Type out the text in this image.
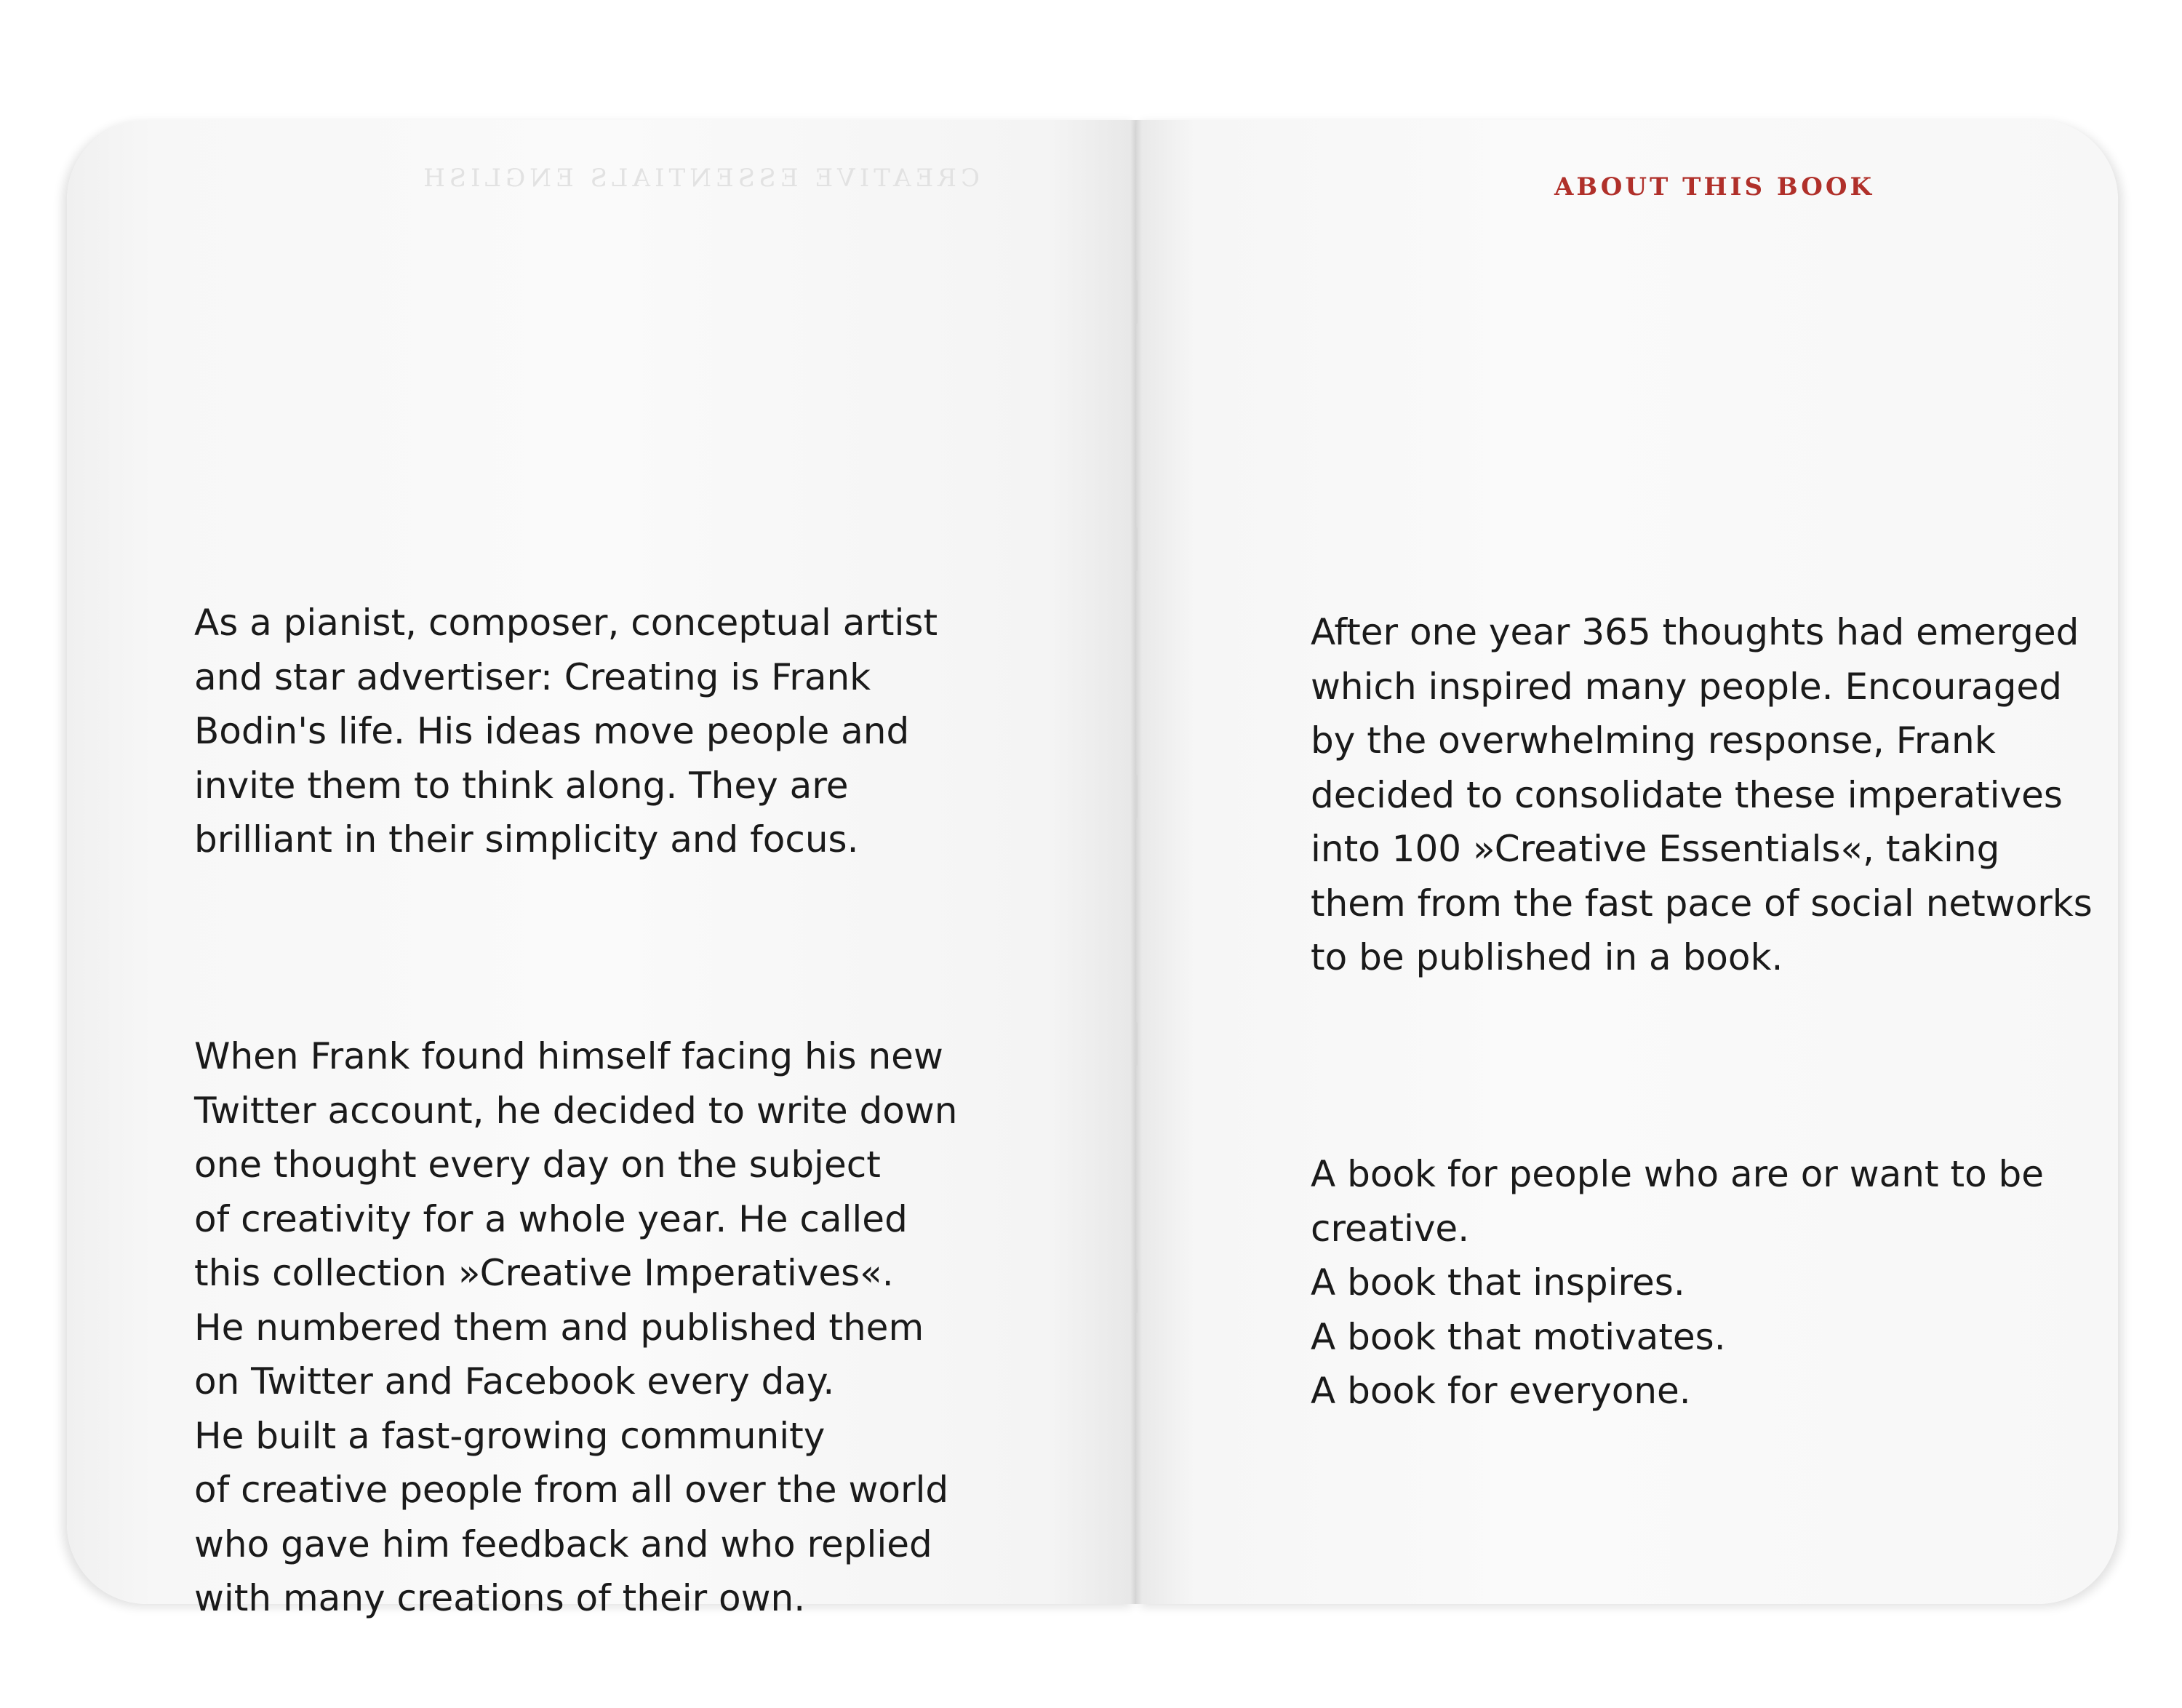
CREATIVE ESSENTIALS ENGLISH

As a pianist, composer, conceptual artist
and star advertiser: Creating is Frank
Bodin's life. His ideas move people and
invite them to think along. They are
brilliant in their simplicity and focus.

When Frank found himself facing his new
Twitter account, he decided to write down
one thought every day on the subject
of creativity for a whole year. He called
this collection »Creative Imperatives«.
He numbered them and published them
on Twitter and Facebook every day.
He built a fast-growing community
of creative people from all over the world
who gave him feedback and who replied
with many creations of their own.

ABOUT THIS BOOK

After one year 365 thoughts had emerged
which inspired many people. Encouraged
by the overwhelming response, Frank
decided to consolidate these imperatives
into 100 »Creative Essentials«, taking
them from the fast pace of social networks
to be published in a book.

A book for people who are or want to be
creative.
A book that inspires.
A book that motivates.
A book for everyone.
